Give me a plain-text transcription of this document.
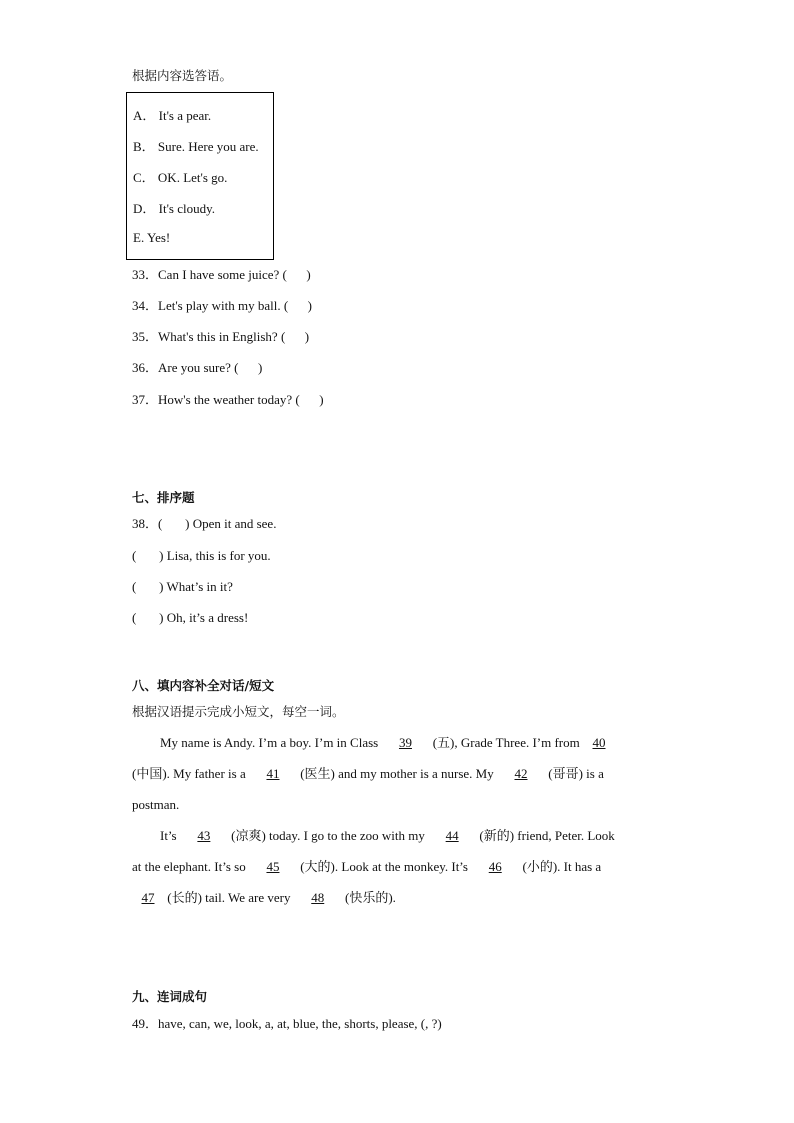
根据内容选答语。
A． It's a pear.
B． Sure. Here you are.
C． OK. Let's go.
D． It's cloudy.
E. Yes!
33．Can I have some juice? ( )
34．Let's play with my ball. ( )
35．What's this in English? ( )
36．Are you sure? ( )
37．How's the weather today? ( )
七、排序题
38．( ) Open it and see.
( ) Lisa, this is for you.
( ) What’s in it?
( ) Oh, it’s a dress!
八、填内容补全对话/短文
根据汉语提示完成小短文，每空一词。
My name is Andy. I’m a boy. I’m in Class 39 (五), Grade Three. I’m from 40
(中国). My father is a 41 (医生) and my mother is a nurse. My 42 (哥哥) is a
postman.
It’s 43 (凉爽) today. I go to the zoo with my 44 (新的) friend, Peter. Look
at the elephant. It’s so 45 (大的). Look at the monkey. It’s 46 (小的). It has a
47 (长的) tail. We are very 48 (快乐的).
九、连词成句
49．have, can, we, look, a, at, blue, the, shorts, please, (, ?)
